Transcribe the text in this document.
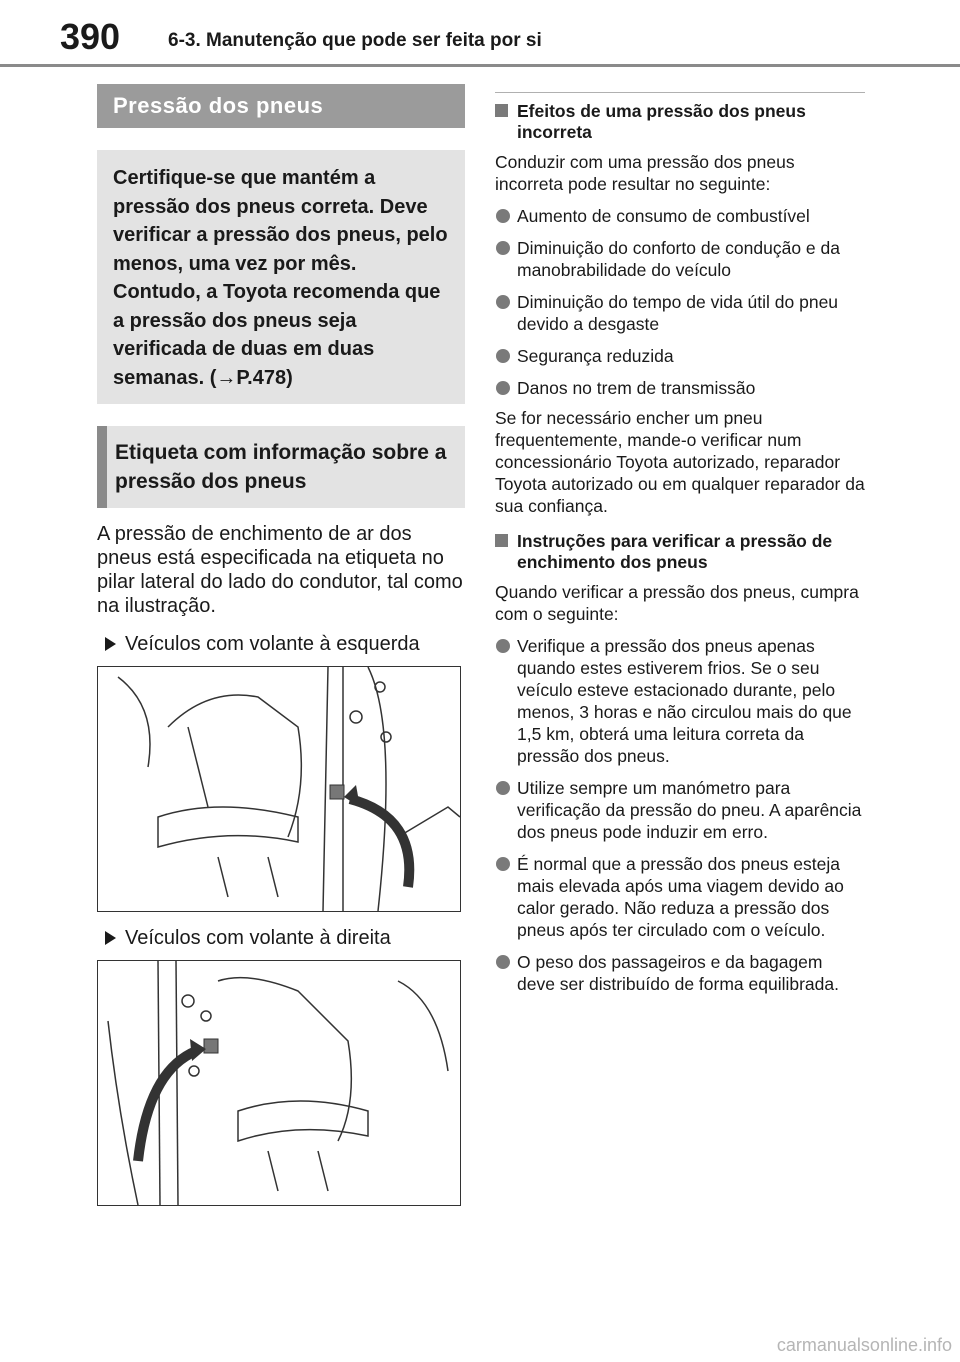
390	6-3. Manutenção que pode ser feita por si
Pressão dos pneus
Certifique-se que mantém a pressão dos pneus correta. Deve verificar a pressão dos pneus, pelo menos, uma vez por mês. Contudo, a Toyota recomenda que a pressão dos pneus seja verificada de duas em duas semanas. (→P.478)
Etiqueta com informação sobre a pressão dos pneus
A pressão de enchimento de ar dos pneus está especificada na etiqueta no pilar lateral do lado do condutor, tal como na ilustração.
Veículos com volante à esquerda
Veículos com volante à direita
Efeitos de uma pressão dos pneus incorreta
Conduzir com uma pressão dos pneus incorreta pode resultar no seguinte:
Aumento de consumo de combustível
Diminuição do conforto de condução e da manobrabilidade do veículo
Diminuição do tempo de vida útil do pneu devido a desgaste
Segurança reduzida
Danos no trem de transmissão
Se for necessário encher um pneu frequentemente, mande-o verificar num concessionário Toyota autorizado, reparador Toyota autorizado ou em qualquer reparador da sua confiança.
Instruções para verificar a pressão de enchimento dos pneus
Quando verificar a pressão dos pneus, cumpra com o seguinte:
Verifique a pressão dos pneus apenas quando estes estiverem frios. Se o seu veículo esteve estacionado durante, pelo menos, 3 horas e não circulou mais do que 1,5 km, obterá uma leitura correta da pressão dos pneus.
Utilize sempre um manómetro para verificação da pressão do pneu. A aparência dos pneus pode induzir em erro.
É normal que a pressão dos pneus esteja mais elevada após uma viagem devido ao calor gerado. Não reduza a pressão dos pneus após ter circulado com o veículo.
O peso dos passageiros e da bagagem deve ser distribuído de forma equilibrada.
carmanualsonline.info
